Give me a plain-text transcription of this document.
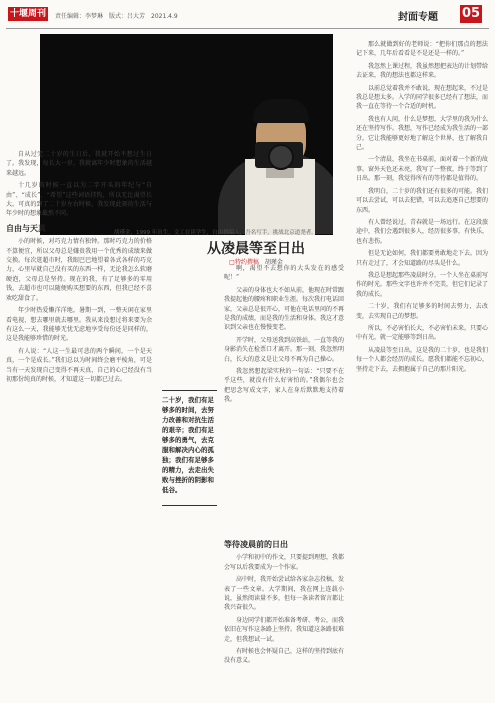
十堰周刊	责任编辑：李梦琳　版式：吕大芳　2021.4.9	封面专题 05
胡瑾金，1999 年出生，文工在读学生，自由撰稿人，吾名写手，挑战北京道尧者。
从凌晨等至日出
□特约撰稿 胡瑾金

自从过完二十岁的生日后，我就开始不想过生日了。我发现，每长大一岁，我就离年少时想象的生活越来越远。

十几岁的时候一直以为二字开头的年纪与“自由”、“成长”、“希望”这些词语挂钩，所以无比渴望长大。可真的到了二十岁左右时候，我发现此刻的生活与年少时的想象截然不同。

自由与天真

小的时候，对巧克力情有独钟。那时巧克力的价格不算便宜，所以父母总是嫌贵我用一个优秀的成绩来做交换。每次逛超市时，我眼巴巴地望着各式各样的巧克力，心里早就自己没有买的东西一样，无论我怎么软磨硬泡，父母总是坚持。现在的我，有了足够多的零用钱，去超市也可以随便购买想要的东西，但我已经不喜欢吃甜食了。

年少时热爱懒洋洋地。暑期一到，一整天闲在家里看电视，想去哪里就去哪里。我从来没想过将来要为余有这么一天，我能够无忧无虑地享受每份还是同样的，这是我能够珍惜的时光。

有人说：“人这一生最可悲的两个瞬间，一个是天真，一个是成长。”我们总以为时间终会磨平棱角，可是当有一天发现自己变得不再天真，自己的心已经没有当初那份纯真的时候，才知道这一切都已过去。

二十岁，我们有足够多的时间，去努力改善和对抗生活的艰辛；我们有足够多的勇气，去克服和解决内心的孤独；我们有足够多的精力，去走出失败与挫折的阴影和低谷。

啊，渴望不去想你的大头发在的感受呢！”

父亲的身体也大不如从前，他现在时常跟我提起他的腰疼和职业生涯。每次我打电话回家，父亲总是很开心，可他在电话里问的不再是我的成绩，而是我的生活和身体。我这才意识到父亲也在慢慢变老。

开学时，父母送我到高铁站，一直等我的身影消失在检票口才离开。那一刻，我忽然明白，长大的意义是让父母不再为自己操心。

我忽然想起梁实秋的一句话：“只要不在乎这些，就没有什么好害怕的。”我偶尔也会把思念写成文字，家人在身后默默地支持着我。

等待凌晨前的日出

小学和初中的作文，只要提到理想，我都会写以后我要成为一个作家。

高中时，我开始尝试给各家杂志投稿，发表了一些文章。大学期间，我在网上连载小说，虽然阅读量不多，但每一条读者留言都让我兴奋很久。

身边同学们都开始准备考研、考公，而我依旧在写作这条路上坚持。我知道这条路很难走，但我想试一试。

有时候也会怀疑自己，这样的坚持到底有没有意义。

那么就做到好的老师说：“把你们那点的想法记下来，几年后看看是不是还是一样的。”

我忽然上课过程，我虽然想把表达的计划带给去证来，我的想法也都这样来。

以前总觉着我并不敢说，现在想起来，不过是我总是想太多。入学的同学很多已经有了想法，而我一直在等待一个合适的时机。

我也有人问，什么是梦想，大学里的我为什么还在坚持写作。我想，写作已经成为我生活的一部分，它让我能够更好地了解这个世界，也了解我自己。

一个清晨，我坐在书桌前，面对着一个新的故事。窗外天色还未亮，我写了一整夜，终于等到了日出。那一刻，我觉得所有的等待都是值得的。

我明白，二十岁的我们还有很多的可能。我们可以去尝试，可以去犯错，可以去追逐自己想要的东西。

有人曾经说过，青春就是一场远行。在这段旅途中，我们会遇到很多人，经历很多事，有快乐，也有悲伤。

但是无论如何，我们都要勇敢地走下去。因为只有走过了，才会知道路的尽头是什么。

我总是想起那些凌晨时分，一个人坐在桌前写作的时光。那些文字也许并不完美，但它们记录了我的成长。

二十岁，我们有足够多的时间去努力，去改变，去实现自己的梦想。

所以，不必害怕长大，不必害怕未来。只要心中有光，就一定能够等到日出。

从凌晨等至日出，这是我的二十岁，也是我们每一个人都会经历的成长。愿我们都能不忘初心，坚持走下去，去拥抱属于自己的那片阳光。
